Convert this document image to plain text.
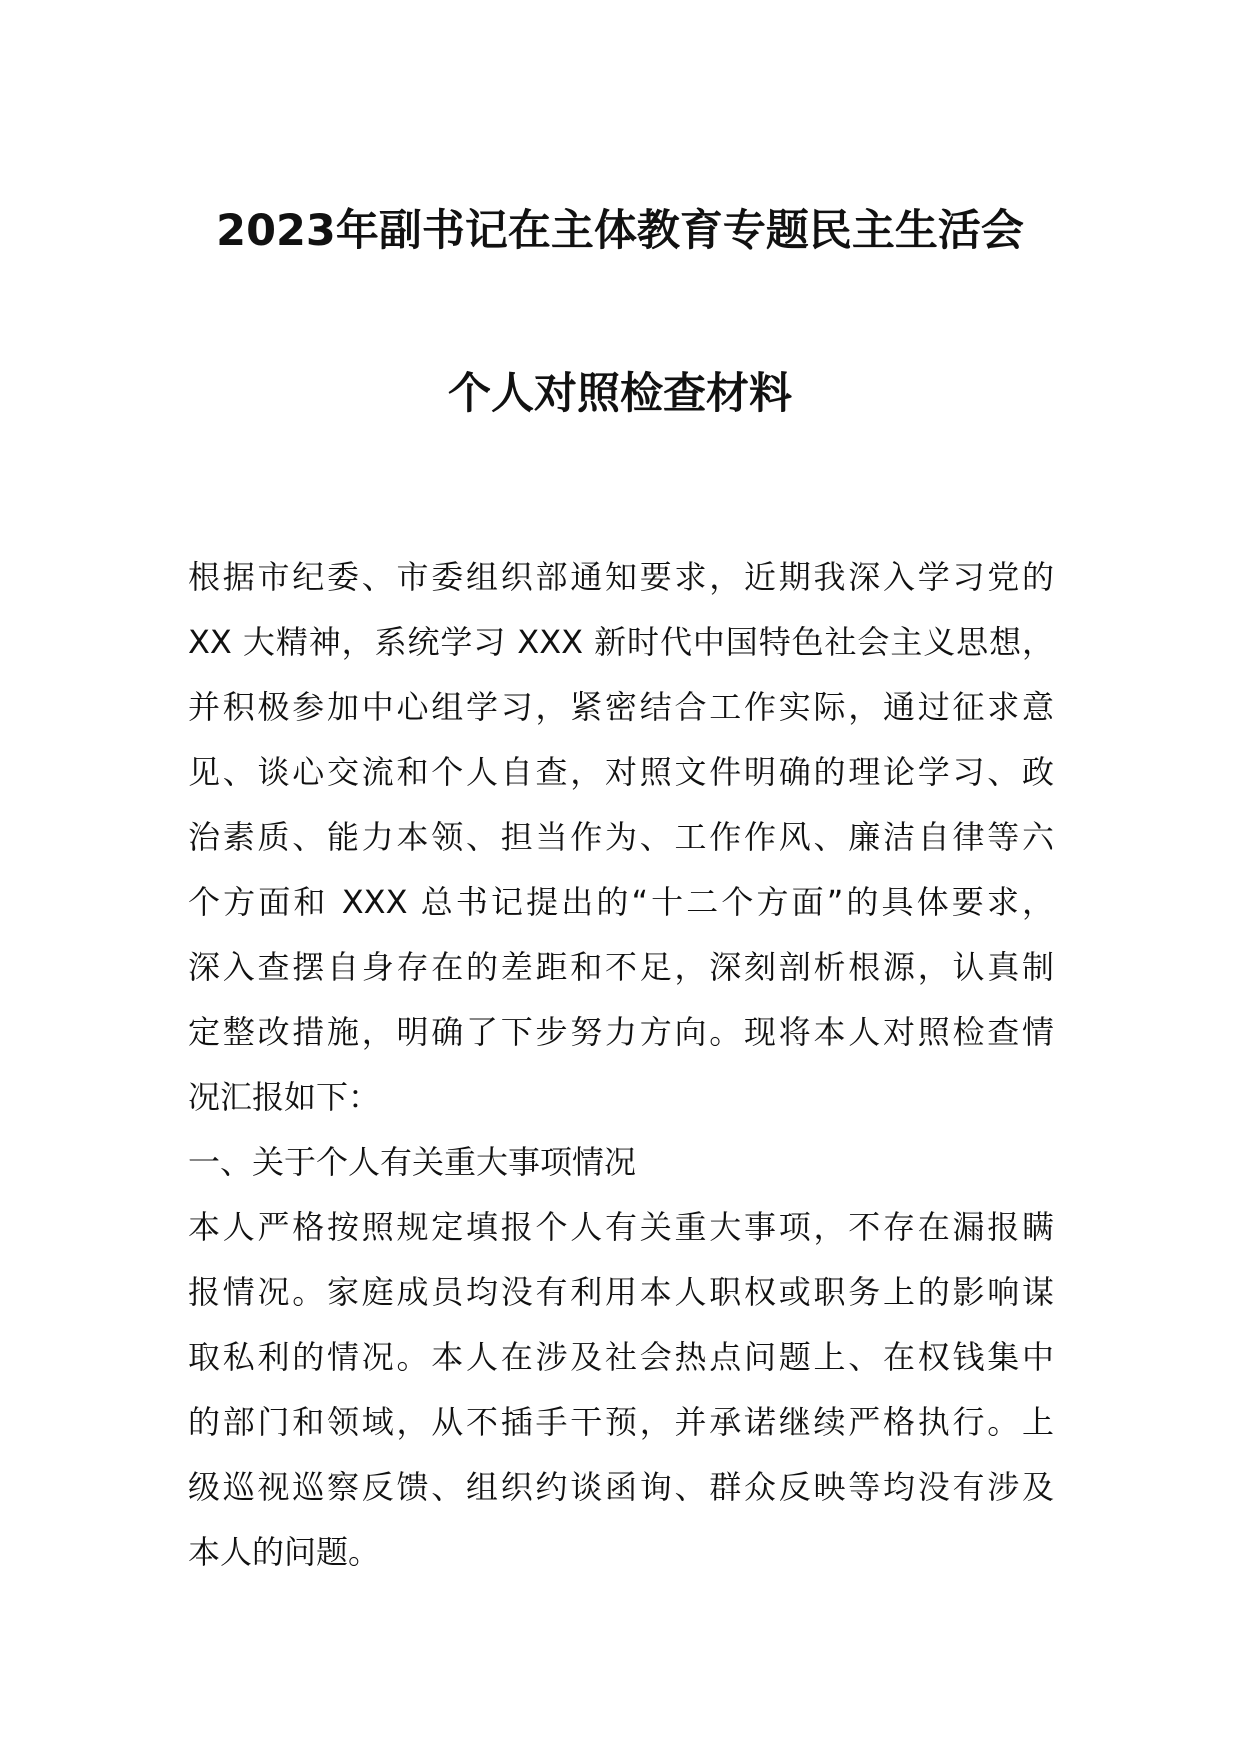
2023年副书记在主体教育专题民主生活会
个人对照检查材料
根据市纪委、市委组织部通知要求，近期我深入学习党的
XX 大精神，系统学习 XXX 新时代中国特色社会主义思想，
并积极参加中心组学习，紧密结合工作实际，通过征求意
见、谈心交流和个人自查，对照文件明确的理论学习、政
治素质、能力本领、担当作为、工作作风、廉洁自律等六
个方面和 XXX 总书记提出的“十二个方面”的具体要求，
深入查摆自身存在的差距和不足，深刻剖析根源，认真制
定整改措施，明确了下步努力方向。现将本人对照检查情
况汇报如下：
一、关于个人有关重大事项情况
本人严格按照规定填报个人有关重大事项，不存在漏报瞒
报情况。家庭成员均没有利用本人职权或职务上的影响谋
取私利的情况。本人在涉及社会热点问题上、在权钱集中
的部门和领域，从不插手干预，并承诺继续严格执行。上
级巡视巡察反馈、组织约谈函询、群众反映等均没有涉及
本人的问题。
